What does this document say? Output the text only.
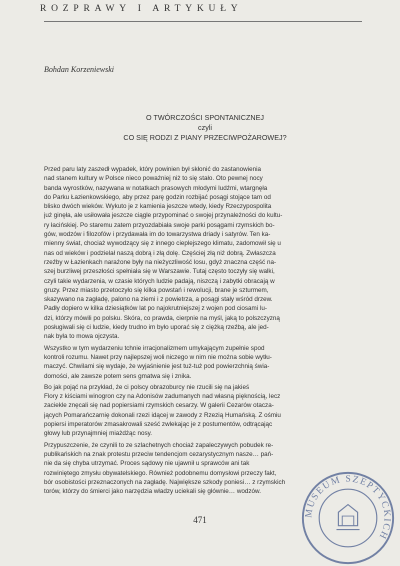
ROZPRAWY I ARTYKUŁY
Bohdan Korzeniewski
O TWÓRCZOŚCI SPONTANICZNEJ
czyli
CO SIĘ RODZI Z PIANY PRZECIWPOŻAROWEJ?
Przed paru laty zaszedł wypadek, który powinien był skłonić do zastanowienia
nad stanem kultury w Polsce nieco poważniej niż to się stało. Oto pewnej nocy
banda wyrostków, nazywana w notatkach prasowych młodymi ludźmi, wtargnęła
do Parku Łazienkowskiego, aby przez parę godzin rozbijać posągi stojące tam od
blisko dwóch wieków. Wykuto je z kamienia jeszcze wtedy, kiedy Rzeczypospolita
już ginęła, ale usiłowała jeszcze ciągle przypominać o swojej przynależności do kultu-
ry łacińskiej. Po staremu zatem przyozdabiała swoje parki posągami rzymskich bo-
gów, wodzów i filozofów i przydawała im do towarzystwa driady i satyrów. Ten ka-
mienny świat, chociaż wywodzący się z innego cieplejszego klimatu, zadomowił się u
nas od wieków i podzielał naszą dobrą i złą dolę. Częściej złą niż dobrą. Zwłaszcza
rzeźby w Łazienkach narażone były na nieżyczliwość losu, gdyż znaczna część na-
szej burzliwej przeszłości spełniała się w Warszawie. Tutaj często toczyły się walki,
czyli takie wydarzenia, w czasie których ludzie padają, niszczą i zabytki obracają w
gruzy. Przez miasto przetoczyło się kilka powstań i rewolucji, brane je szturmem,
skazywano na zagładę, palono na ziemi i z powietrza, a posągi stały wśród drzew.
Padły dopiero w kilka dziesiątków lat po najokrutniejszej z wojen pod ciosami lu-
dzi, którzy mówili po polsku. Skóra, co prawda, cierpnie na myśl, jaką to polszczyzną
posługiwali się ci ludzie, kiedy trudno im było uporać się z ciężką rzeźbą, ale jed-
nak była to mowa ojczysta.
Wszystko w tym wydarzeniu tchnie irracjonalizmem umykającym zupełnie spod
kontroli rozumu. Nawet przy najlepszej woli niczego w nim nie można sobie wytłu-
maczyć. Chwilami się wydaje, że wyjaśnienie jest tuż-tuż pod powierzchnią świa-
domości, ale zawsze potem sens gmatwa się i znika.
Bo jak pojąć na przykład, że ci polscy obrazoburcy nie rzucili się na jakieś
Flory z kiściami winogron czy na Adonisów zadumanych nad własną pięknością, lecz
zaciekle znęcali się nad popiersiami rzymskich cesarzy. W galerii Cezarów otacza-
jących Pomarańczarnię dokonali rzezi idącej w zawody z Rzezią Humańską. Z ośmiu
popiersi imperatorów zmasakrowali sześć zwlekając je z postumentów, odtrącając
głowy lub przynajmniej miażdżąc nosy.
Przypuszczenie, że czynili to ze szlachetnych chociaż zapaleczywych pobudek re-
publikańskich na znak protestu przeciw tendencjom cezarystycznym nasze… pań-
nie da się chyba utrzymać. Proces sądowy nie ujawnił u sprawców ani tak
rozwiniętego zmysłu obywatelskiego. Również podobnemu domysłowi przeczy fakt,
bór osobistości przeznaczonych na zagładę. Największe szkody poniesi… z rzymskich
torów, którzy do śmierci jako narzędzia władzy uciekali się głównie… wodzów.
471
MUSEUM SZEPTYCKICH
